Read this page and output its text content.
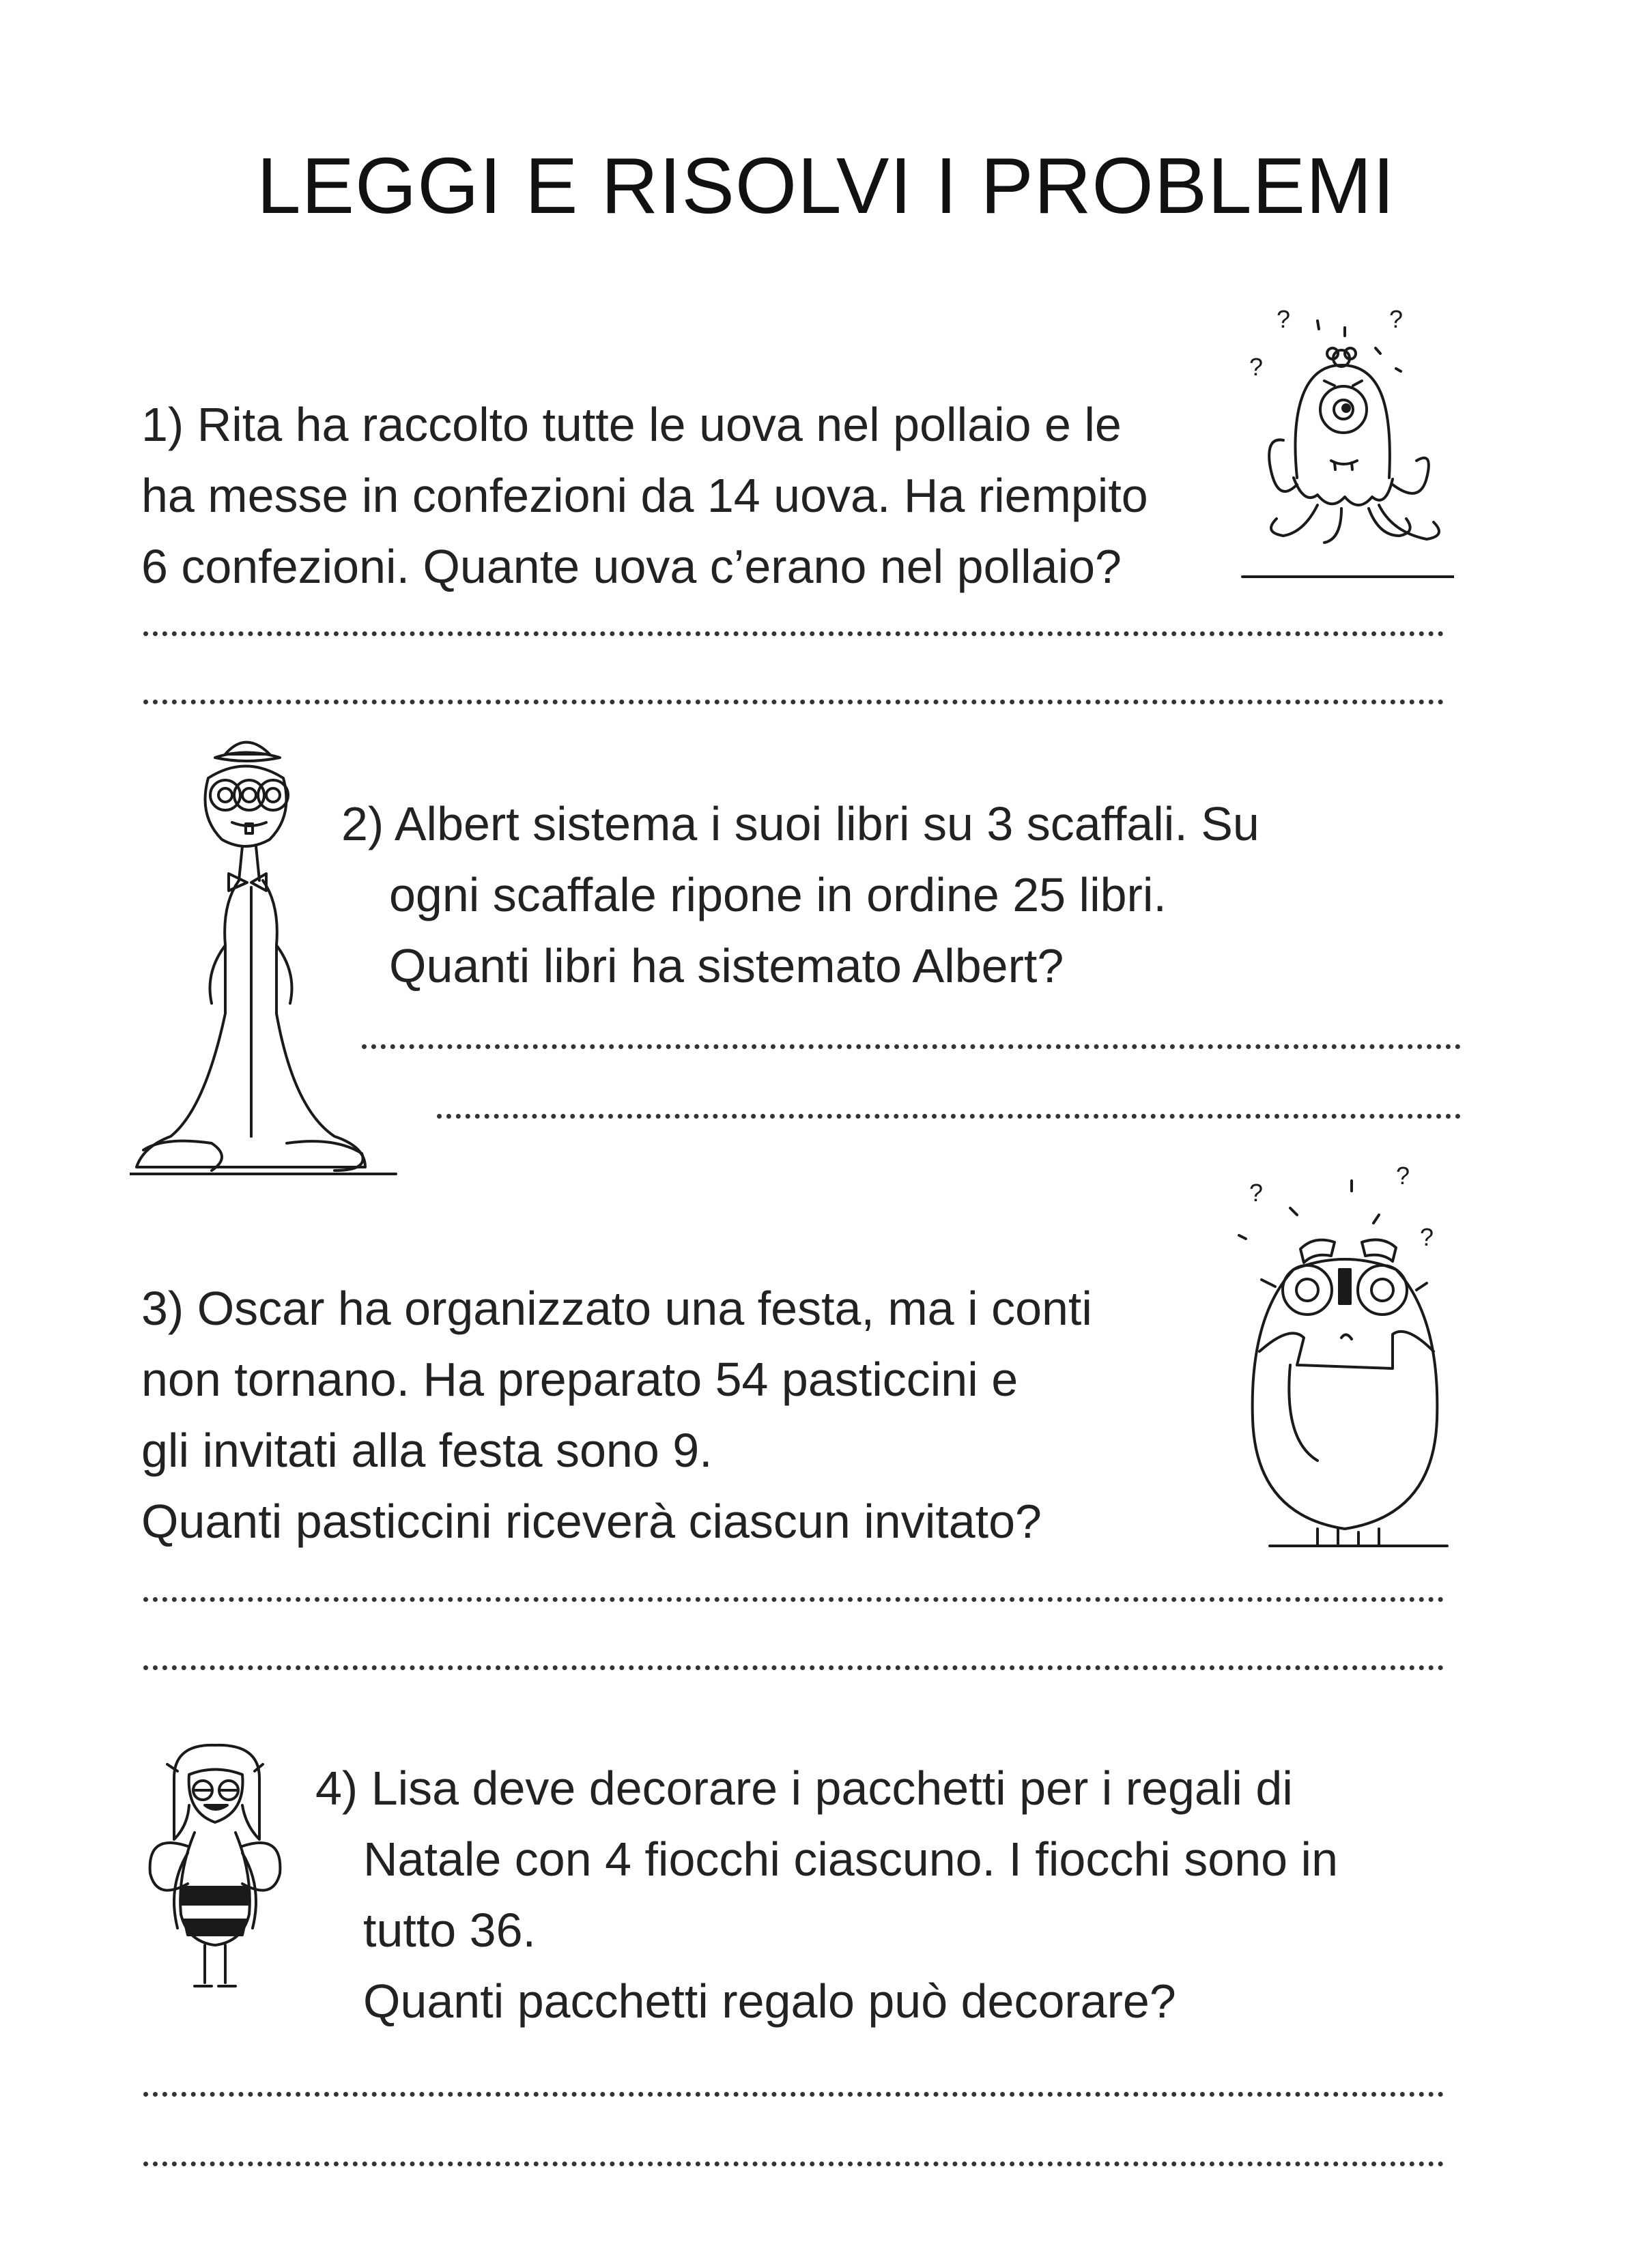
LEGGI E RISOLVI I PROBLEMI
1) Rita ha raccolto tutte le uova nel pollaio e le
ha messe in confezioni da 14 uova. Ha riempito
6 confezioni. Quante uova c’erano nel pollaio?
?	?
?
2) Albert sistema i suoi libri su 3 scaffali. Su
ogni scaffale ripone in ordine 25 libri.
Quanti libri ha sistemato Albert?
3) Oscar ha organizzato una festa, ma i conti
non tornano. Ha preparato 54 pasticcini e
gli invitati alla festa sono 9.
Quanti pasticcini riceverà ciascun invitato?
?
?
?
4) Lisa deve decorare i pacchetti per i regali di
Natale con 4 fiocchi ciascuno. I fiocchi sono in
tutto 36.
Quanti pacchetti regalo può decorare?
